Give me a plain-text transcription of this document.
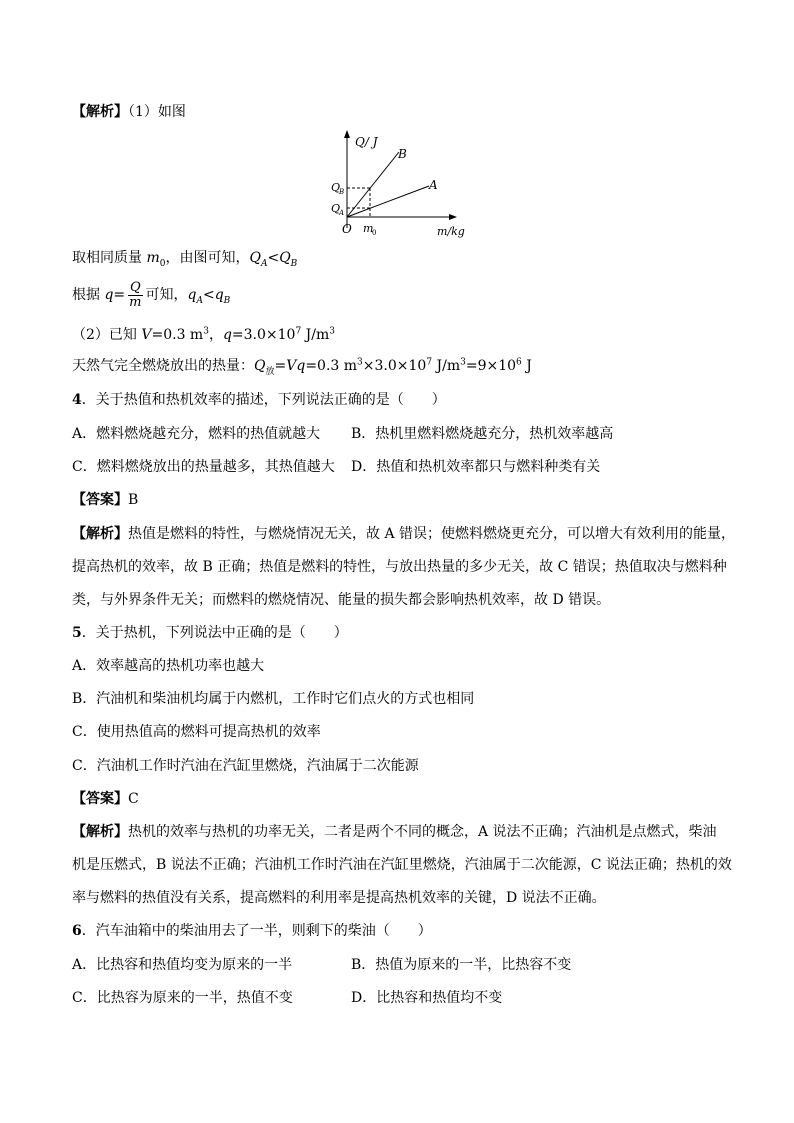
【解析】（1）如图
Q/ J
B
A
Q
B
Q
A
O m
0	m/kg
取相同质量 $m_0$，由图可知，$Q_A<Q_B$
根据 $q= \frac{Q}{m}$ 可知，$q_A<q_B$
（2）已知 V=0.3 $m^3$，$q=3.0\times 10^7$ $J/m^3$
天然气完全燃烧放出的热量：$Q_放=Vq=0.3$ $m^3\times 3.0\times 10^7$ $J/m^3=9\times 10^6$ J
4．关于热值和热机效率的描述，下列说法正确的是（　　）
A．燃料燃烧越充分，燃料的热值就越大 B．热机里燃料燃烧越充分，热机效率越高
C．燃料燃烧放出的热量越多，其热值越大 D．热值和热机效率都只与燃料种类有关
【答案】B
【解析】热值是燃料的特性，与燃烧情况无关，故 A 错误；使燃料燃烧更充分，可以增大有效利用的能量，
提高热机的效率，故 B 正确；热值是燃料的特性，与放出热量的多少无关，故 C 错误；热值取决与燃料种
类，与外界条件无关；而燃料的燃烧情况、能量的损失都会影响热机效率，故 D 错误。
5．关于热机，下列说法中正确的是（　　）
A．效率越高的热机功率也越大
B．汽油机和柴油机均属于内燃机，工作时它们点火的方式也相同
C．使用热值高的燃料可提高热机的效率
C．汽油机工作时汽油在汽缸里燃烧，汽油属于二次能源
【答案】C
【解析】热机的效率与热机的功率无关，二者是两个不同的概念，A 说法不正确；汽油机是点燃式，柴油
机是压燃式，B 说法不正确；汽油机工作时汽油在汽缸里燃烧，汽油属于二次能源，C 说法正确；热机的效
率与燃料的热值没有关系，提高燃料的利用率是提高热机效率的关键，D 说法不正确。
6．汽车油箱中的柴油用去了一半，则剩下的柴油（　　）
A．比热容和热值均变为原来的一半	B．热值为原来的一半，比热容不变
C．比热容为原来的一半，热值不变	D．比热容和热值均不变
